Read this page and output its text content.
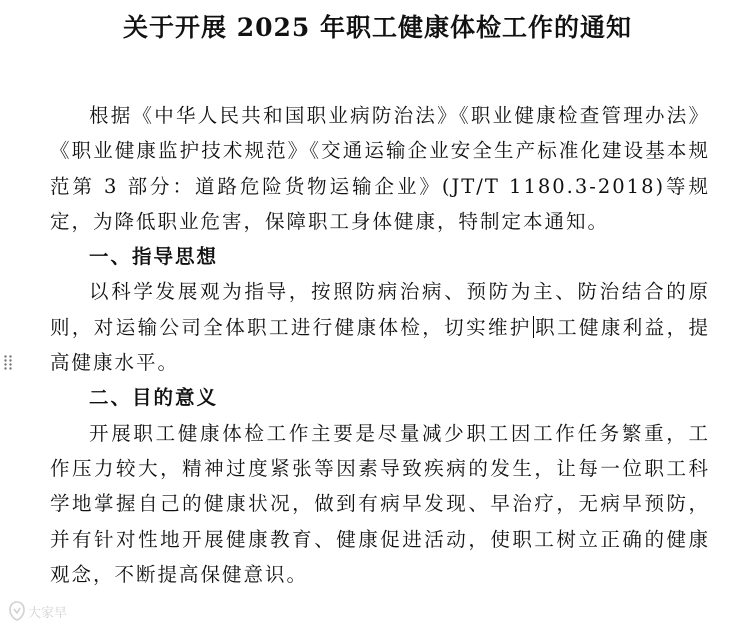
关于开展 2025 年职工健康体检工作的通知

根据《中华人民共和国职业病防治法》《职业健康检查管理办法》《职业健康监护技术规范》《交通运输企业安全生产标准化建设基本规范第 3 部分：道路危险货物运输企业》(JT/T 1180.3-2018)等规定，为降低职业危害，保障职工身体健康，特制定本通知。

一、指导思想

以科学发展观为指导，按照防病治病、预防为主、防治结合的原则，对运输公司全体职工进行健康体检，切实维护 职工健康利益，提高健康水平。

二、目的意义

开展职工健康体检工作主要是尽量减少职工因工作任务繁重，工作压力较大，精神过度紧张等因素导致疾病的发生，让每一位职工科学地掌握自己的健康状况，做到有病早发现、早治疗，无病早预防，并有针对性地开展健康教育、健康促进活动，使职工树立正确的健康观念，不断提高保健意识。

大家早
